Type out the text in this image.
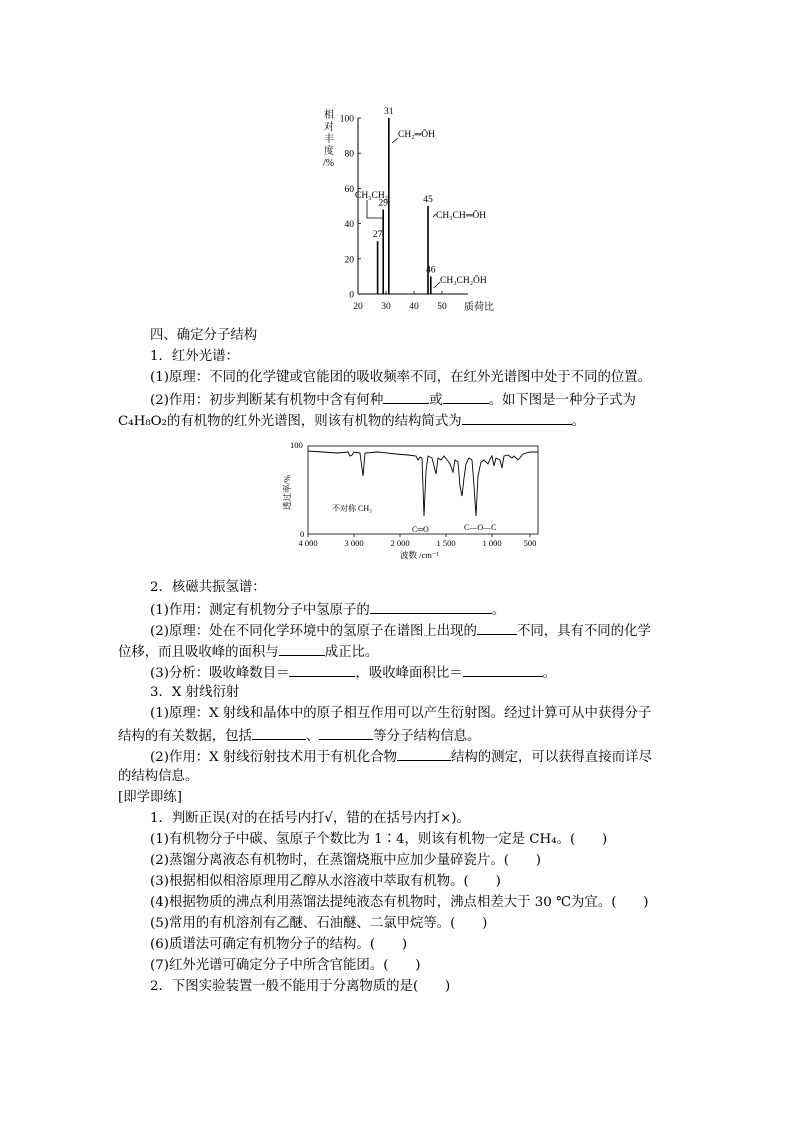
相
对
丰
度
/%
100
80
60
40
20
0
20 30 40 50 质荷比
27
29
31
45
46
CH₂═ŌH
CH₃CH═ŌH
CH₃CH₂ŌH
CH₃CH₂
四、确定分子结构
1．红外光谱：
(1)原理：不同的化学键或官能团的吸收频率不同，在红外光谱图中处于不同的位置。
(2)作用：初步判断某有机物中含有何种	或	。如下图是一种分子式为
C₄H₈O₂的有机物的红外光谱图，则该有机物的结构简式为	。
100
0
透过率/%
4 000	3 000	2 000	1 500	1 000	500
波数 /cm⁻¹
不对称 CH₃
C═O	C—O—C
2．核磁共振氢谱：
(1)作用：测定有机物分子中氢原子的	。
(2)原理：处在不同化学环境中的氢原子在谱图上出现的	不同，具有不同的化学
位移，而且吸收峰的面积与	成正比。
(3)分析：吸收峰数目＝	，吸收峰面积比＝	。
3．X 射线衍射
(1)原理：X 射线和晶体中的原子相互作用可以产生衍射图。经过计算可从中获得分子
结构的有关数据，包括	、	等分子结构信息。
(2)作用：X 射线衍射技术用于有机化合物	结构的测定，可以获得直接而详尽
的结构信息。
[即学即练]
1．判断正误(对的在括号内打√，错的在括号内打×)。
(1)有机物分子中碳、氢原子个数比为 1∶4，则该有机物一定是 CH₄。(　　)
(2)蒸馏分离液态有机物时，在蒸馏烧瓶中应加少量碎瓷片。(　　)
(3)根据相似相溶原理用乙醇从水溶液中萃取有机物。(　　)
(4)根据物质的沸点利用蒸馏法提纯液态有机物时，沸点相差大于 30 ℃为宜。(　　)
(5)常用的有机溶剂有乙醚、石油醚、二氯甲烷等。(　　)
(6)质谱法可确定有机物分子的结构。(　　)
(7)红外光谱可确定分子中所含官能团。(　　)
2．下图实验装置一般不能用于分离物质的是(　　)
